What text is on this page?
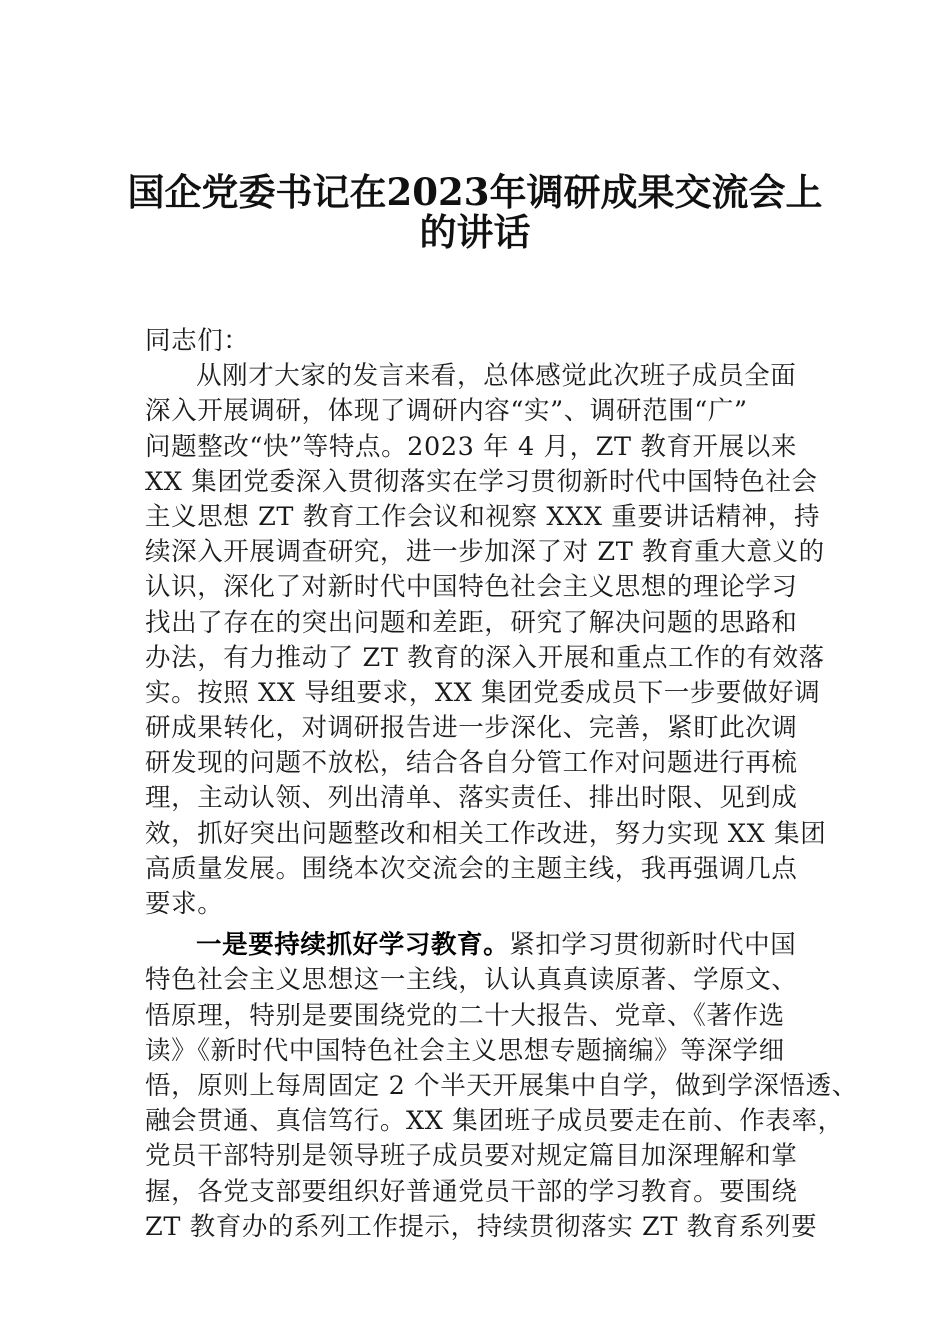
国企党委书记在2023年调研成果交流会上
的讲话
同志们：
从刚才大家的发言来看，总体感觉此次班子成员全面
深入开展调研，体现了调研内容“实”、调研范围“广”
问题整改“快”等特点。2023 年 4 月，ZT 教育开展以来
XX 集团党委深入贯彻落实在学习贯彻新时代中国特色社会
主义思想 ZT 教育工作会议和视察 XXX 重要讲话精神，持
续深入开展调查研究，进一步加深了对 ZT 教育重大意义的
认识，深化了对新时代中国特色社会主义思想的理论学习
找出了存在的突出问题和差距，研究了解决问题的思路和
办法，有力推动了 ZT 教育的深入开展和重点工作的有效落
实。按照 XX 导组要求，XX 集团党委成员下一步要做好调
研成果转化，对调研报告进一步深化、完善，紧盯此次调
研发现的问题不放松，结合各自分管工作对问题进行再梳
理，主动认领、列出清单、落实责任、排出时限、见到成
效，抓好突出问题整改和相关工作改进，努力实现 XX 集团
高质量发展。围绕本次交流会的主题主线，我再强调几点
要求。
一是要持续抓好学习教育。紧扣学习贯彻新时代中国
特色社会主义思想这一主线，认认真真读原著、学原文、
悟原理，特别是要围绕党的二十大报告、党章、《著作选
读》《新时代中国特色社会主义思想专题摘编》等深学细
悟，原则上每周固定 2 个半天开展集中自学，做到学深悟透、
融会贯通、真信笃行。XX 集团班子成员要走在前、作表率，
党员干部特别是领导班子成员要对规定篇目加深理解和掌
握，各党支部要组织好普通党员干部的学习教育。要围绕
ZT 教育办的系列工作提示，持续贯彻落实 ZT 教育系列要
